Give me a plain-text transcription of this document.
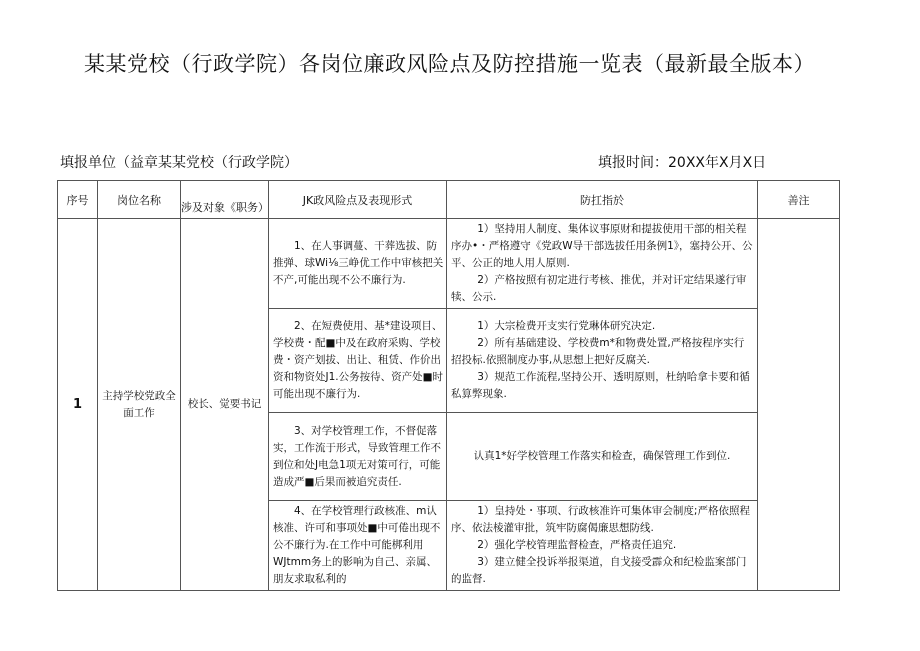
某某党校（行政学院）各岗位廉政风险点及防控措施一览表（最新最全版本）
填报单位（益章某某党校（行政学院）	填报时间：20XX年X月X日
序号	岗位名称	涉及对象《职务）	JK政风险点及表现形式	防扛指於	善注
1	主持学校党政全面工作	校长、觉要书记	1、在人事调蔓、干葬选拔、防推弹、球Wi⅛三峥优工作中审核把关不产,可能出现不公不廉行为.	1）坚持用人制度、集体议事原财和提拔使用干部的相关程序办•・严格遵守《党政W导干部选拔任用条例1》，塞持公开、公平、公正的地人用人原则.

2）产格按照有初定进行考核、推优，并对讦定结果遂行审犊、公示.	

			2、在短费使用、基*建设项目、学校费・配■中及在政府采购、学校费・资产划拔、出让、租赁、作价出资和物资处J1.公务按待、资产处■时可能出现不廉行为.	1）大宗检费开支实行党琳体研究决定.

2）所有基础建设、学校费m*和物费处置,严格按程序实行招投标.依照制度办事,从思想上把好反腐关.

3）规范工作流程,坚持公开、透明原则，杜纳哈拿卡要和循私算弊现象.	

			3、对学校管理工作，不督促落实，工作流于形式，导致管理工作不到位和处J电急1项无对策可行，可能造成严■后果而被追究责任.	认真1*好学校管理工作落实和检查，确保管理工作到位.	

			4、在学校管理行政核准、m认核准、许可和事项处■中可倦出现不公不廉行为.在工作中可能梆利用WJtmm务上的影响为自己、亲属、朋友求取私利的	1）皇持处・事项、行政核准许可集体审会制度;严格依照程序、依法棱灌审批，筑牢防腐偈廉思想防线.

2）强化学校管理监督检查，严格责任追究.

3）建立健全投诉举报渠道，自戈接受霹众和纪检监案部门的监督.	
